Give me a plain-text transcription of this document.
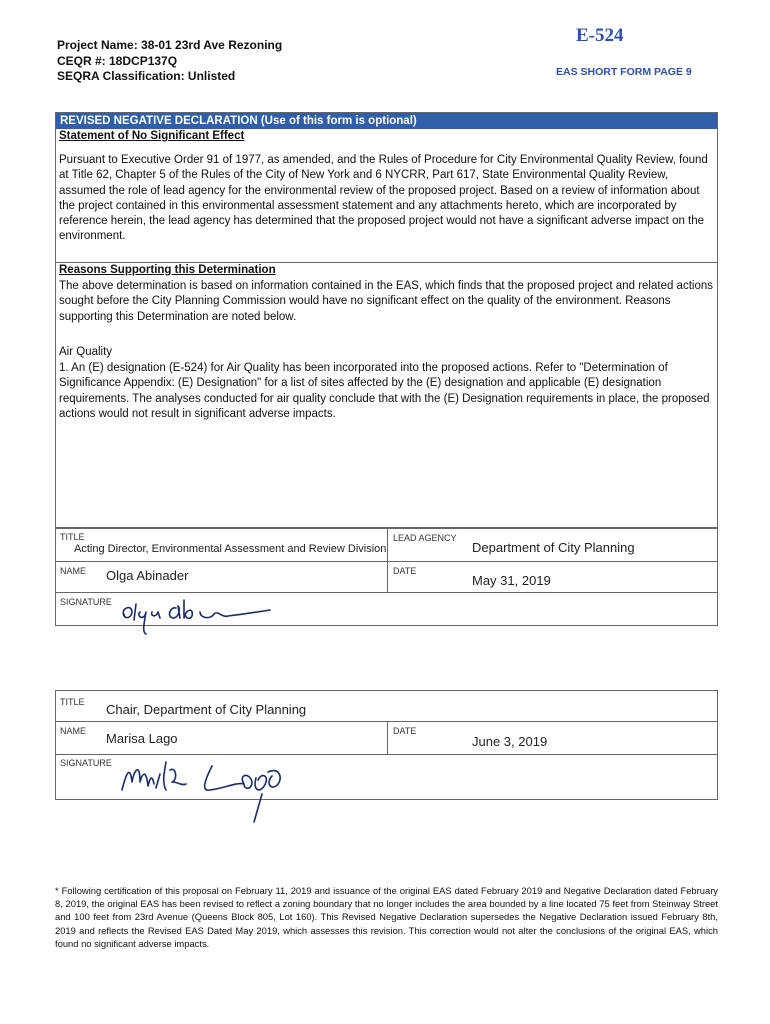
Project Name: 38-01 23rd Ave Rezoning
CEQR #: 18DCP137Q
SEQRA Classification: Unlisted
E-524
EAS SHORT FORM PAGE 9
REVISED NEGATIVE DECLARATION (Use of this form is optional)
Statement of No Significant Effect
Pursuant to Executive Order 91 of 1977, as amended, and the Rules of Procedure for City Environmental Quality Review, found at Title 62, Chapter 5 of the Rules of the City of New York and 6 NYCRR, Part 617, State Environmental Quality Review, assumed the role of lead agency for the environmental review of the proposed project. Based on a review of information about the project contained in this environmental assessment statement and any attachments hereto, which are incorporated by reference herein, the lead agency has determined that the proposed project would not have a significant adverse impact on the environment.
Reasons Supporting this Determination
The above determination is based on information contained in the EAS, which finds that the proposed project and related actions sought before the City Planning Commission would have no significant effect on the quality of the environment. Reasons supporting this Determination are noted below.
Air Quality
1. An (E) designation (E-524) for Air Quality has been incorporated into the proposed actions. Refer to "Determination of Significance Appendix: (E) Designation" for a list of sites affected by the (E) designation and applicable (E) designation requirements. The analyses conducted for air quality conclude that with the (E) Designation requirements in place, the proposed actions would not result in significant adverse impacts.
TITLE
Acting Director, Environmental Assessment and Review Division
LEAD AGENCY
Department of City Planning
NAME Olga Abinader	DATE
May 31, 2019
SIGNATURE
TITLE Chair, Department of City Planning
NAME Marisa Lago	DATE
June 3, 2019
SIGNATURE
* Following certification of this proposal on February 11, 2019 and issuance of the original EAS dated February 2019 and Negative Declaration dated February 8, 2019, the original EAS has been revised to reflect a zoning boundary that no longer includes the area bounded by a line located 75 feet from Steinway Street and 100 feet from 23rd Avenue (Queens Block 805, Lot 160). This Revised Negative Declaration supersedes the Negative Declaration issued February 8th, 2019 and reflects the Revised EAS Dated May 2019, which assesses this revision. This correction would not alter the conclusions of the original EAS, which found no significant adverse impacts.
